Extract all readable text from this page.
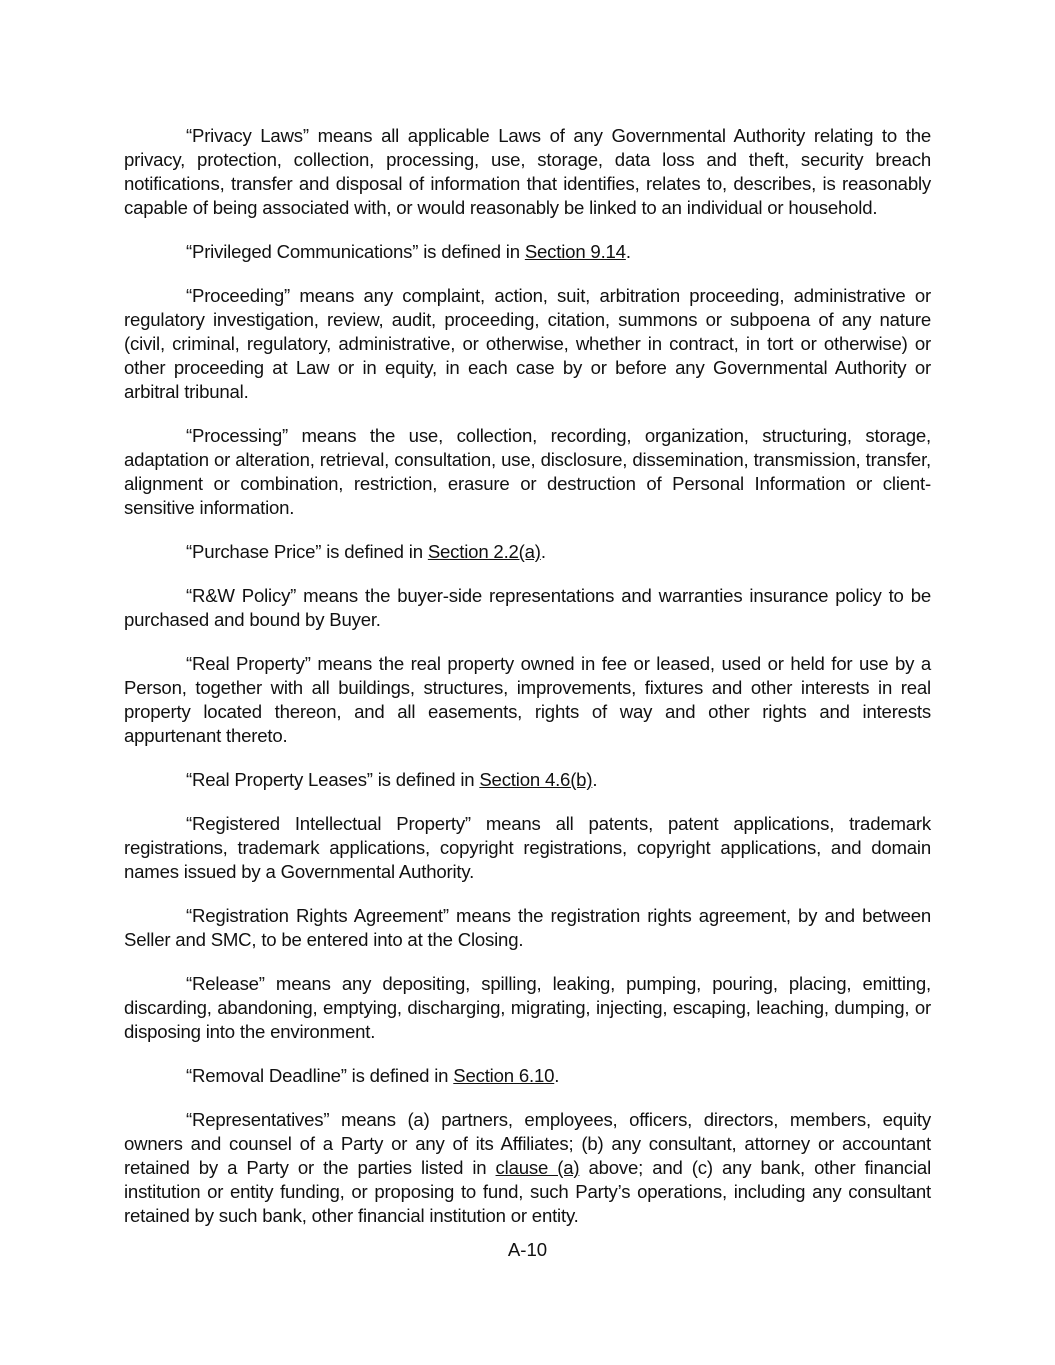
“Privacy Laws” means all applicable Laws of any Governmental Authority relating to the privacy, protection, collection, processing, use, storage, data loss and theft, security breach notifications, transfer and disposal of information that identifies, relates to, describes, is reasonably capable of being associated with, or would reasonably be linked to an individual or household.

“Privileged Communications” is defined in Section 9.14.

“Proceeding” means any complaint, action, suit, arbitration proceeding, administrative or regulatory investigation, review, audit, proceeding, citation, summons or subpoena of any nature (civil, criminal, regulatory, administrative, or otherwise, whether in contract, in tort or otherwise) or other proceeding at Law or in equity, in each case by or before any Governmental Authority or arbitral tribunal.

“Processing” means the use, collection, recording, organization, structuring, storage, adaptation or alteration, retrieval, consultation, use, disclosure, dissemination, transmission, transfer, alignment or combination, restriction, erasure or destruction of Personal Information or client-sensitive information.

“Purchase Price” is defined in Section 2.2(a).

“R&W Policy” means the buyer-side representations and warranties insurance policy to be purchased and bound by Buyer.

“Real Property” means the real property owned in fee or leased, used or held for use by a Person, together with all buildings, structures, improvements, fixtures and other interests in real property located thereon, and all easements, rights of way and other rights and interests appurtenant thereto.

“Real Property Leases” is defined in Section 4.6(b).

“Registered Intellectual Property” means all patents, patent applications, trademark registrations, trademark applications, copyright registrations, copyright applications, and domain names issued by a Governmental Authority.

“Registration Rights Agreement” means the registration rights agreement, by and between Seller and SMC, to be entered into at the Closing.

“Release” means any depositing, spilling, leaking, pumping, pouring, placing, emitting, discarding, abandoning, emptying, discharging, migrating, injecting, escaping, leaching, dumping, or disposing into the environment.

“Removal Deadline” is defined in Section 6.10.

“Representatives” means (a) partners, employees, officers, directors, members, equity owners and counsel of a Party or any of its Affiliates; (b) any consultant, attorney or accountant retained by a Party or the parties listed in clause (a) above; and (c) any bank, other financial institution or entity funding, or proposing to fund, such Party’s operations, including any consultant retained by such bank, other financial institution or entity.

A-10
